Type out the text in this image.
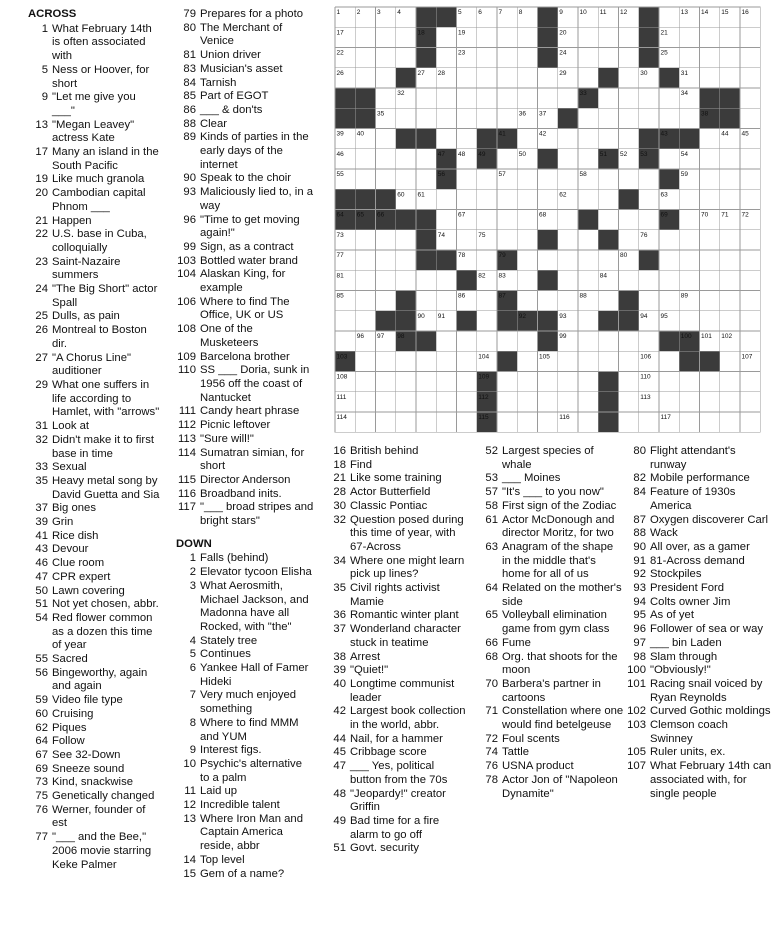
ACROSS
1 What February 14th is often associated with
5 Ness or Hoover, for short
9 "Let me give you ___"
13 "Megan Leavey" actress Kate
17 Many an island in the South Pacific
19 Like much granola
20 Cambodian capital Phnom ___
21 Happen
22 U.S. base in Cuba, colloquially
23 Saint-Nazaire summers
24 "The Big Short" actor Spall
25 Dulls, as pain
26 Montreal to Boston dir.
27 "A Chorus Line" auditioner
29 What one suffers in life according to Hamlet, with "arrows"
31 Look at
32 Didn't make it to first base in time
33 Sexual
35 Heavy metal song by David Guetta and Sia
37 Big ones
39 Grin
41 Rice dish
43 Devour
46 Clue room
47 CPR expert
50 Lawn covering
51 Not yet chosen, abbr.
54 Red flower common as a dozen this time of year
55 Sacred
56 Bingeworthy, again and again
59 Video file type
60 Cruising
62 Piques
64 Follow
67 See 32-Down
69 Sneeze sound
73 Kind, snackwise
75 Genetically changed
76 Werner, founder of est
77 "___ and the Bee," 2006 movie starring Keke Palmer
79 Prepares for a photo
80 The Merchant of Venice
81 Union driver
83 Musician's asset
84 Tarnish
85 Part of EGOT
86 ___ & don'ts
88 Clear
89 Kinds of parties in the early days of the internet
90 Speak to the choir
93 Maliciously lied to, in a way
96 "Time to get moving again!"
99 Sign, as a contract
103 Bottled water brand
104 Alaskan King, for example
106 Where to find The Office, UK or US
108 One of the Musketeers
109 Barcelona brother
110 SS ___ Doria, sunk in 1956 off the coast of Nantucket
111 Candy heart phrase
112 Picnic leftover
113 "Sure will!"
114 Sumatran simian, for short
115 Director Anderson
116 Broadband inits.
117 "___ broad stripes and bright stars"
DOWN
1 Falls (behind)
2 Elevator tycoon Elisha
3 What Aerosmith, Michael Jackson, and Madonna have all Rocked, with "the"
4 Stately tree
5 Continues
6 Yankee Hall of Famer Hideki
7 Very much enjoyed something
8 Where to find MMM and YUM
9 Interest figs.
10 Psychic's alternative to a palm
11 Laid up
12 Incredible talent
13 Where Iron Man and Captain America reside, abbr
14 Top level
15 Gem of a name?
16 British behind
18 Find
21 Like some training
28 Actor Butterfield
30 Classic Pontiac
32 Question posed during this time of year, with 67-Across
34 Where one might learn pick up lines?
35 Civil rights activist Mamie
36 Romantic winter plant
37 Wonderland character stuck in teatime
38 Arrest
39 "Quiet!"
40 Longtime communist leader
42 Largest book collection in the world, abbr.
44 Nail, for a hammer
45 Cribbage score
47 ___ Yes, political button from the 70s
48 "Jeopardy!" creator Griffin
49 Bad time for a fire alarm to go off
51 Govt. security
52 Largest species of whale
53 ___ Moines
57 "It's ___ to you now"
58 First sign of the Zodiac
61 Actor McDonough and director Moritz, for two
63 Anagram of the shape in the middle that's home for all of us
64 Related on the mother's side
65 Volleyball elimination game from gym class
66 Fume
68 Org. that shoots for the moon
70 Barbera's partner in cartoons
71 Constellation where one would find betelgeuse
72 Foul scents
74 Tattle
76 USNA product
78 Actor Jon of "Napoleon Dynamite"
80 Flight attendant's runway
82 Mobile performance
84 Feature of 1930s America
87 Oxygen discoverer Carl
88 Wack
90 All over, as a gamer
91 81-Across demand
92 Stockpiles
93 President Ford
94 Colts owner Jim
95 As of yet
96 Follower of sea or way
97 ___ bin Laden
98 Slam through
100 "Obviously!"
101 Racing snail voiced by Ryan Reynolds
102 Curved Gothic moldings
103 Clemson coach Swinney
105 Ruler units, ex.
107 What February 14th can associated with, for single people
1	2	3	4	5	6	7	8	9	10 11 12	13 14 15 16
17	18	19	20	21
22	23	24	25
26	27 28	29	30	31
32	33	34
35	36 37	38
39 40	41	42	43	44 45
46	47 48 49	50	51 52 53	54
55	56	57	58	59
60 61	62	63
64 65 66	67	68	69	70 71 72
73	74	75	76
77	78	79	80
81	82 83	84
85	86	87	88	89
90 91	92	93	94 95
96 97 98	99	100 101 102
103	104	105	106	107
108	109	110
111	112	113
114	115	116	117
